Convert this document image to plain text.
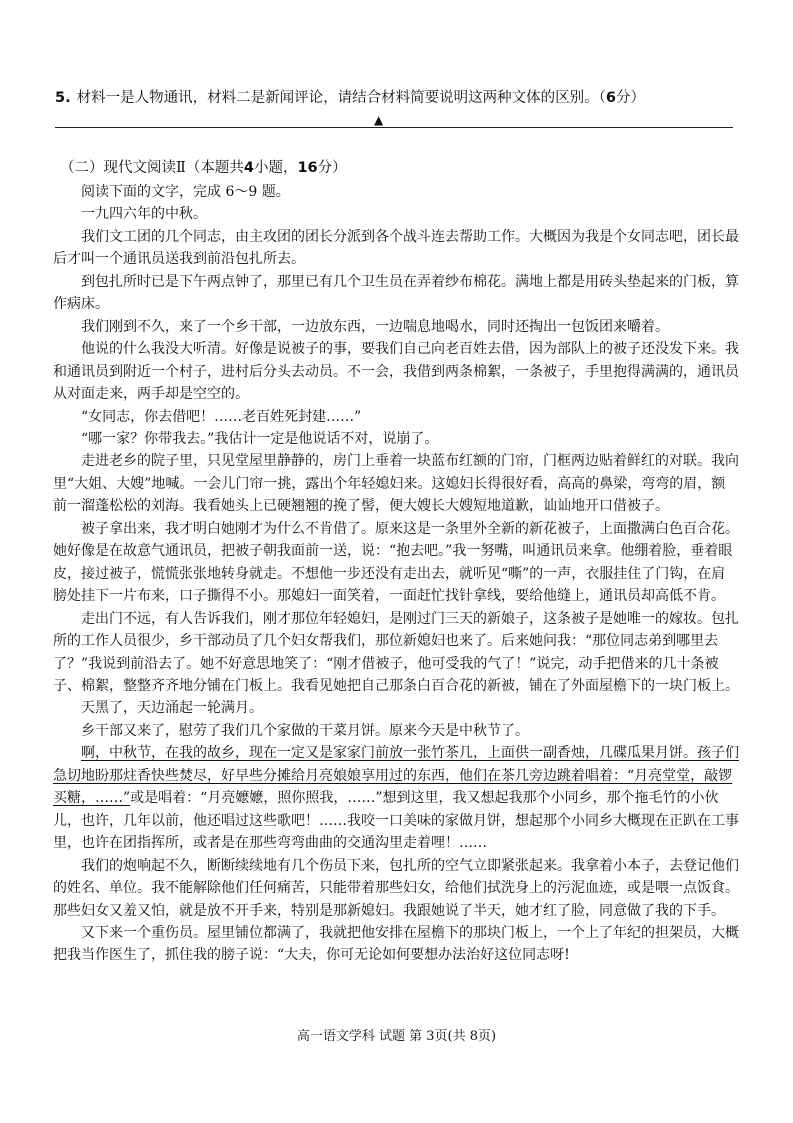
5. 材料一是人物通讯，材料二是新闻评论，请结合材料简要说明这两种文体的区别。（6分）
▲
（二）现代文阅读Ⅱ（本题共4小题，16分）

阅读下面的文字，完成 6～9 题。

一九四六年的中秋。

我们文工团的几个同志，由主攻团的团长分派到各个战斗连去帮助工作。大概因为我是个女同志吧，团长最后才叫一个通讯员送我到前沿包扎所去。

到包扎所时已是下午两点钟了，那里已有几个卫生员在弄着纱布棉花。满地上都是用砖头垫起来的门板，算作病床。

我们刚到不久，来了一个乡干部，一边放东西，一边喘息地喝水，同时还掏出一包饭团来嚼着。

他说的什么我没大听清。好像是说被子的事，要我们自己向老百姓去借，因为部队上的被子还没发下来。我和通讯员到附近一个村子，进村后分头去动员。不一会，我借到两条棉絮，一条被子，手里抱得满满的，通讯员从对面走来，两手却是空空的。

“女同志，你去借吧！……老百姓死封建……”

“哪一家？你带我去。”我估计一定是他说话不对，说崩了。

走进老乡的院子里，只见堂屋里静静的，房门上垂着一块蓝布红额的门帘，门框两边贴着鲜红的对联。我向里“大姐、大嫂”地喊。一会儿门帘一挑，露出个年轻媳妇来。这媳妇长得很好看，高高的鼻梁，弯弯的眉，额前一溜蓬松松的刘海。我看她头上已硬翘翘的挽了髻，便大嫂长大嫂短地道歉，讪讪地开口借被子。

被子拿出来，我才明白她刚才为什么不肯借了。原来这是一条里外全新的新花被子，上面撒满白色百合花。她好像是在故意气通讯员，把被子朝我面前一送，说：“抱去吧。”我一努嘴，叫通讯员来拿。他绷着脸，垂着眼皮，接过被子，慌慌张张地转身就走。不想他一步还没有走出去，就听见“嘶”的一声，衣服挂住了门钩，在肩膀处挂下一片布来，口子撕得不小。那媳妇一面笑着，一面赶忙找针拿线，要给他缝上，通讯员却高低不肯。

走出门不远，有人告诉我们，刚才那位年轻媳妇，是刚过门三天的新娘子，这条被子是她唯一的嫁妆。包扎所的工作人员很少，乡干部动员了几个妇女帮我们，那位新媳妇也来了。后来她问我：“那位同志弟到哪里去了？”我说到前沿去了。她不好意思地笑了：“刚才借被子，他可受我的气了！”说完，动手把借来的几十条被子、棉絮，整整齐齐地分铺在门板上。我看见她把自己那条白百合花的新被，铺在了外面屋檐下的一块门板上。

天黑了，天边涌起一轮满月。

乡干部又来了，慰劳了我们几个家做的干菜月饼。原来今天是中秋节了。

啊，中秋节，在我的故乡，现在一定又是家家门前放一张竹茶几，上面供一副香烛，几碟瓜果月饼。孩子们急切地盼那炷香快些焚尽，好早些分摊给月亮娘娘享用过的东西，他们在茶几旁边跳着唱着：“月亮堂堂，敲锣买糖，……”或是唱着：“月亮嬷嬷，照你照我，……”想到这里，我又想起我那个小同乡，那个拖毛竹的小伙儿，也许，几年以前，他还唱过这些歌吧！……我咬一口美味的家做月饼，想起那个小同乡大概现在正趴在工事里，也许在团指挥所，或者是在那些弯弯曲曲的交通沟里走着哩！……

我们的炮响起不久，断断续续地有几个伤员下来，包扎所的空气立即紧张起来。我拿着小本子，去登记他们的姓名、单位。我不能解除他们任何痛苦，只能带着那些妇女，给他们拭洗身上的污泥血迹，或是喂一点饭食。那些妇女又羞又怕，就是放不开手来，特别是那新媳妇。我跟她说了半天，她才红了脸，同意做了我的下手。

又下来一个重伤员。屋里铺位都满了，我就把他安排在屋檐下的那块门板上，一个上了年纪的担架员，大概把我当作医生了，抓住我的膀子说：“大夫，你可无论如何要想办法治好这位同志呀!

高一语文学科 试题 第 3页(共 8页)
